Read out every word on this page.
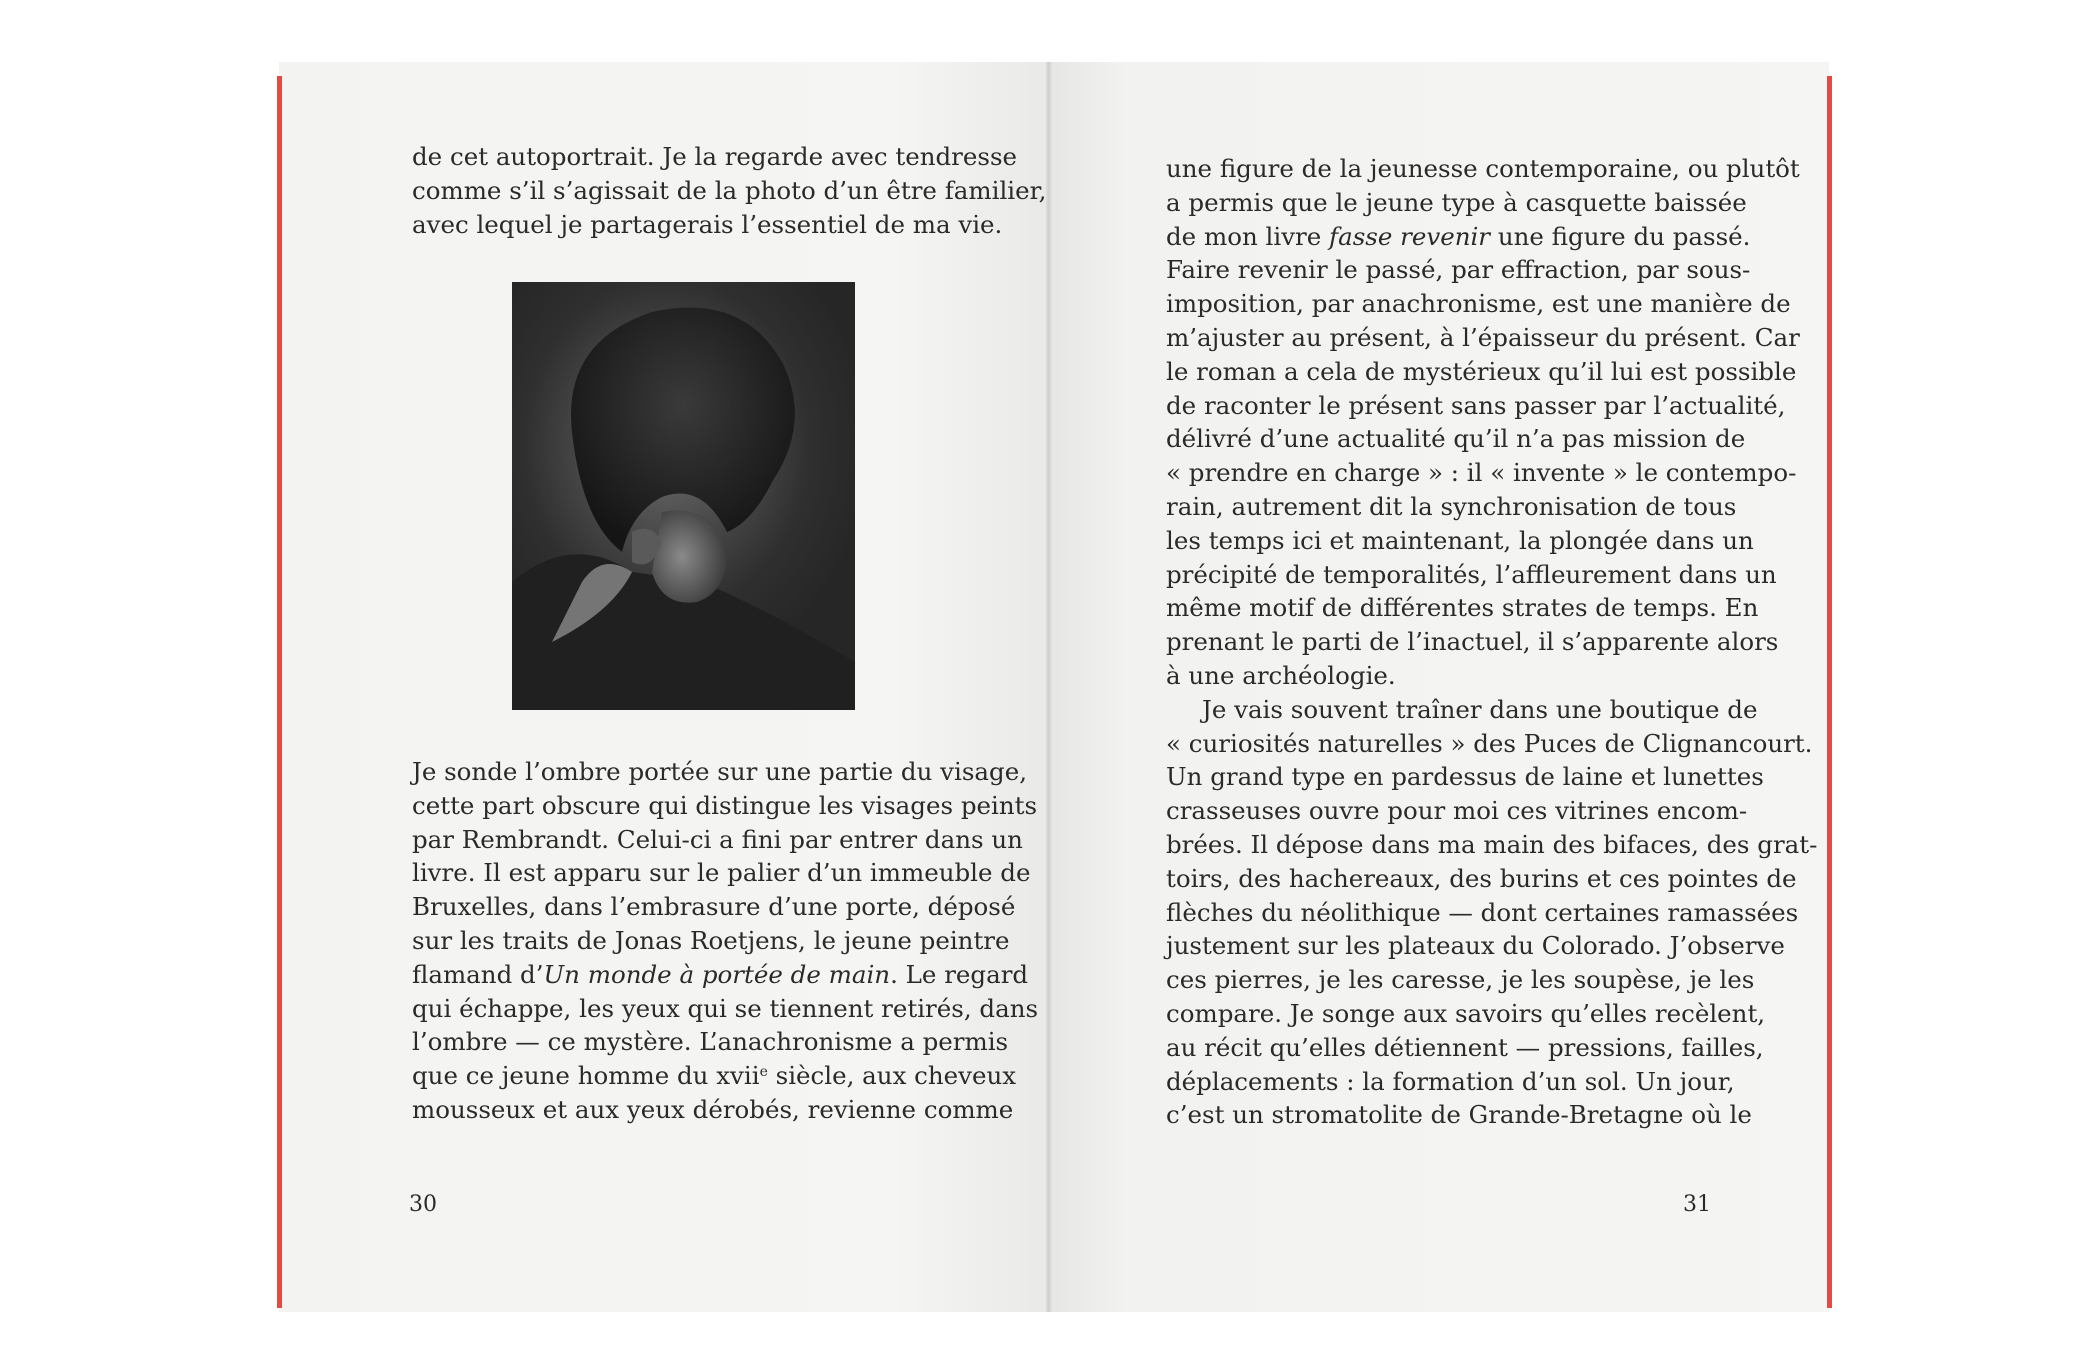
de cet autoportrait. Je la regarde avec tendresse
comme s’il s’agissait de la photo d’un être familier,
avec lequel je partagerais l’essentiel de ma vie.
Je sonde l’ombre portée sur une partie du visage,
cette part obscure qui distingue les visages peints
par Rembrandt. Celui-ci a fini par entrer dans un
livre. Il est apparu sur le palier d’un immeuble de
Bruxelles, dans l’embrasure d’une porte, déposé
sur les traits de Jonas Roetjens, le jeune peintre
flamand d’Un monde à portée de main. Le regard
qui échappe, les yeux qui se tiennent retirés, dans
l’ombre — ce mystère. L’anachronisme a permis
que ce jeune homme du xvii$^e$ siècle, aux cheveux
mousseux et aux yeux dérobés, revienne comme
30
une figure de la jeunesse contemporaine, ou plutôt
a permis que le jeune type à casquette baissée
de mon livre fasse revenir une figure du passé.
Faire revenir le passé, par effraction, par sous-
imposition, par anachronisme, est une manière de
m’ajuster au présent, à l’épaisseur du présent. Car
le roman a cela de mystérieux qu’il lui est possible
de raconter le présent sans passer par l’actualité,
délivré d’une actualité qu’il n’a pas mission de
« prendre en charge » : il « invente » le contempo-
rain, autrement dit la synchronisation de tous
les temps ici et maintenant, la plongée dans un
précipité de temporalités, l’affleurement dans un
même motif de différentes strates de temps. En
prenant le parti de l’inactuel, il s’apparente alors
à une archéologie.
Je vais souvent traîner dans une boutique de
« curiosités naturelles » des Puces de Clignancourt.
Un grand type en pardessus de laine et lunettes
crasseuses ouvre pour moi ces vitrines encom-
brées. Il dépose dans ma main des bifaces, des grat-
toirs, des hachereaux, des burins et ces pointes de
flèches du néolithique — dont certaines ramassées
justement sur les plateaux du Colorado. J’observe
ces pierres, je les caresse, je les soupèse, je les
compare. Je songe aux savoirs qu’elles recèlent,
au récit qu’elles détiennent — pressions, failles,
déplacements : la formation d’un sol. Un jour,
c’est un stromatolite de Grande-Bretagne où le
31
